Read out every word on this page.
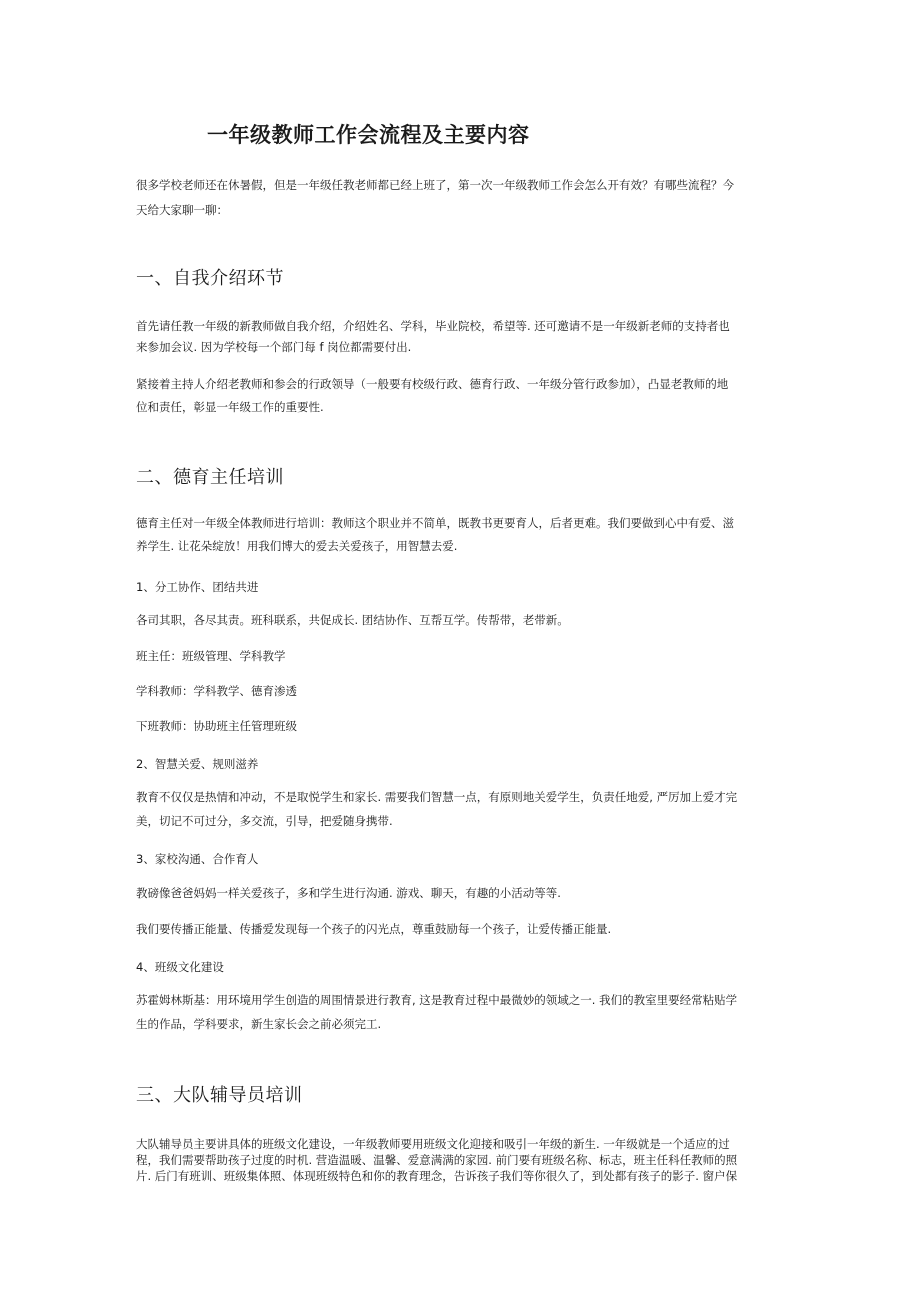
一年级教师工作会流程及主要内容

很多学校老师还在休暑假，但是一年级任教老师都已经上班了，第一次一年级教师工作会怎么开有效？有哪些流程？今
天给大家聊一聊：

一、自我介绍环节

首先请任教一年级的新教师做自我介绍，介绍姓名、学科，毕业院校，希望等. 还可邀请不是一年级新老师的支持者也
来参加会议. 因为学校每一个部门每 f 岗位都需要付出.

紧接着主持人介绍老教师和参会的行政领导（一般要有校级行政、德育行政、一年级分管行政参加），凸显老教师的地
位和责任，彰显一年级工作的重要性.

二、德育主任培训

德育主任对一年级全体教师进行培训：教师这个职业并不简单，既教书更要育人，后者更难。我们要做到心中有爱、滋
养学生. 让花朵绽放！用我们博大的爱去关爱孩子，用智慧去爱.

1、分工协作、团结共进

各司其职，各尽其责。班科联系，共促成长. 团结协作、互帮互学。传帮带，老带新。

班主任：班级管理、学科教学

学科教师：学科教学、德育渗透

下班教师：协助班主任管理班级

2、智慧关爱、规则滋养

教育不仅仅是热情和冲动，不是取悦学生和家长. 需要我们智慧一点，有原则地关爱学生，负责任地爱, 严厉加上爱才完
美，切记不可过分，多交流，引导，把爱随身携带.

3、家校沟通、合作育人

教磅像爸爸妈妈一样关爱孩子，多和学生进行沟通. 游戏、聊天，有趣的小活动等等.

我们要传播正能量、传播爱发现每一个孩子的闪光点，尊重鼓励每一个孩子，让爱传播正能量.

4、班级文化建设

苏霍姆林斯基：用环境用学生创造的周围情景进行教育, 这是教育过程中最微妙的领域之一. 我们的教室里要经常粘贴学
生的作品，学科要求，新生家长会之前必须完工.

三、大队辅导员培训

大队辅导员主要讲具体的班级文化建设，一年级教师要用班级文化迎接和吸引一年级的新生. 一年级就是一个适应的过
程，我们需要帮助孩子过度的时机. 营造温暖、温馨、爱意满满的家园. 前门要有班级名称、标志，班主任科任教师的照
片. 后门有班训、班级集体照、体现班级特色和你的教育理念，告诉孩子我们等你很久了，到处都有孩子的影子. 窗户保
